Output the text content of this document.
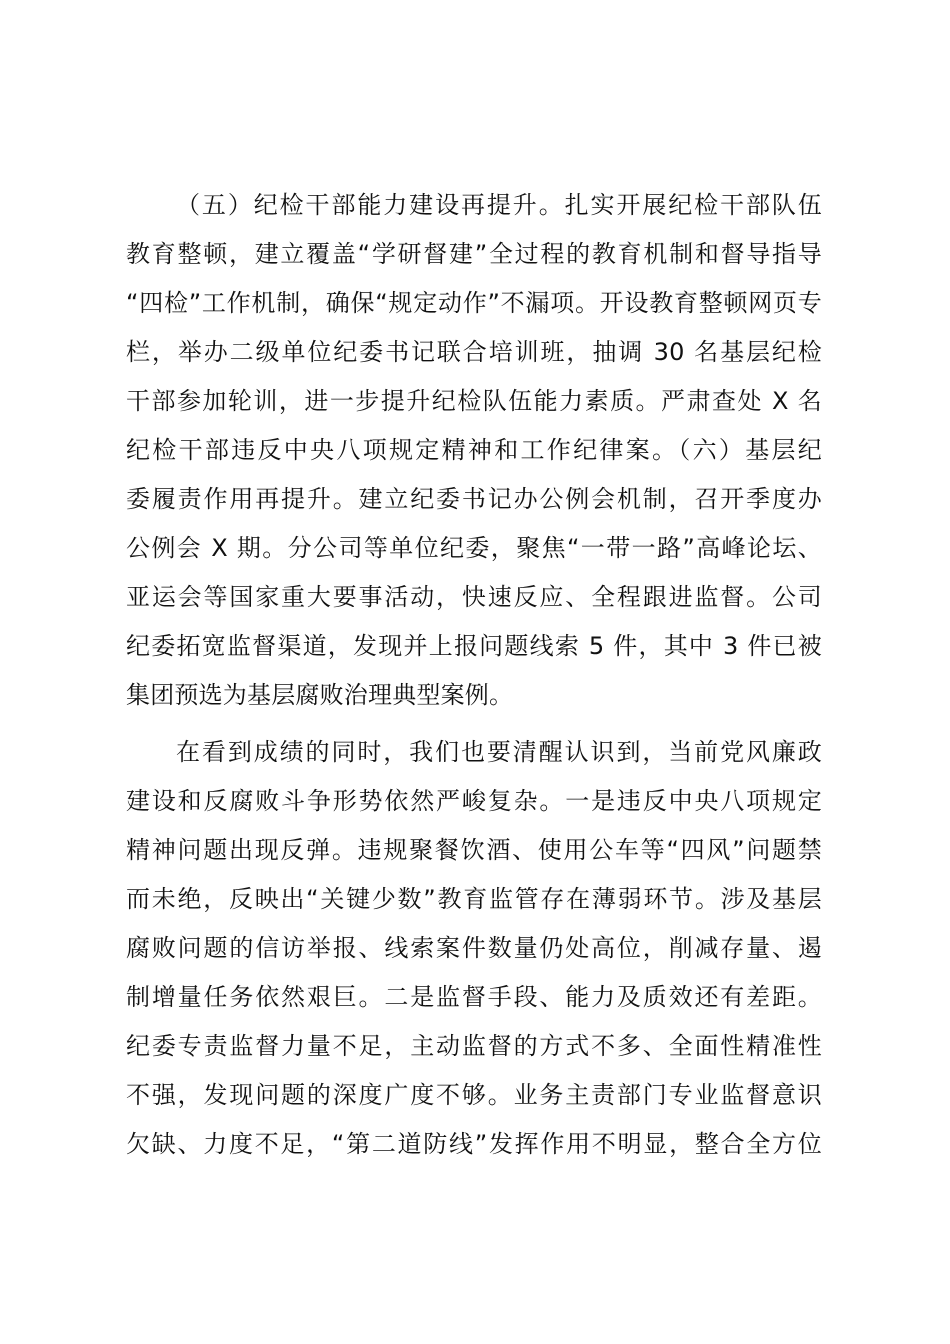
（五）纪检干部能力建设再提升。扎实开展纪检干部队伍
教育整顿，建立覆盖“学研督建”全过程的教育机制和督导指导
“四检”工作机制，确保“规定动作”不漏项。开设教育整顿网页专
栏，举办二级单位纪委书记联合培训班，抽调 30 名基层纪检
干部参加轮训，进一步提升纪检队伍能力素质。严肃查处 X 名
纪检干部违反中央八项规定精神和工作纪律案。（六）基层纪
委履责作用再提升。建立纪委书记办公例会机制，召开季度办
公例会 X 期。分公司等单位纪委，聚焦“一带一路”高峰论坛、
亚运会等国家重大要事活动，快速反应、全程跟进监督。公司
纪委拓宽监督渠道，发现并上报问题线索 5 件，其中 3 件已被
集团预选为基层腐败治理典型案例。
在看到成绩的同时，我们也要清醒认识到，当前党风廉政
建设和反腐败斗争形势依然严峻复杂。一是违反中央八项规定
精神问题出现反弹。违规聚餐饮酒、使用公车等“四风”问题禁
而未绝，反映出“关键少数”教育监管存在薄弱环节。涉及基层
腐败问题的信访举报、线索案件数量仍处高位，削减存量、遏
制增量任务依然艰巨。二是监督手段、能力及质效还有差距。
纪委专责监督力量不足，主动监督的方式不多、全面性精准性
不强，发现问题的深度广度不够。业务主责部门专业监督意识
欠缺、力度不足，“第二道防线”发挥作用不明显，整合全方位
